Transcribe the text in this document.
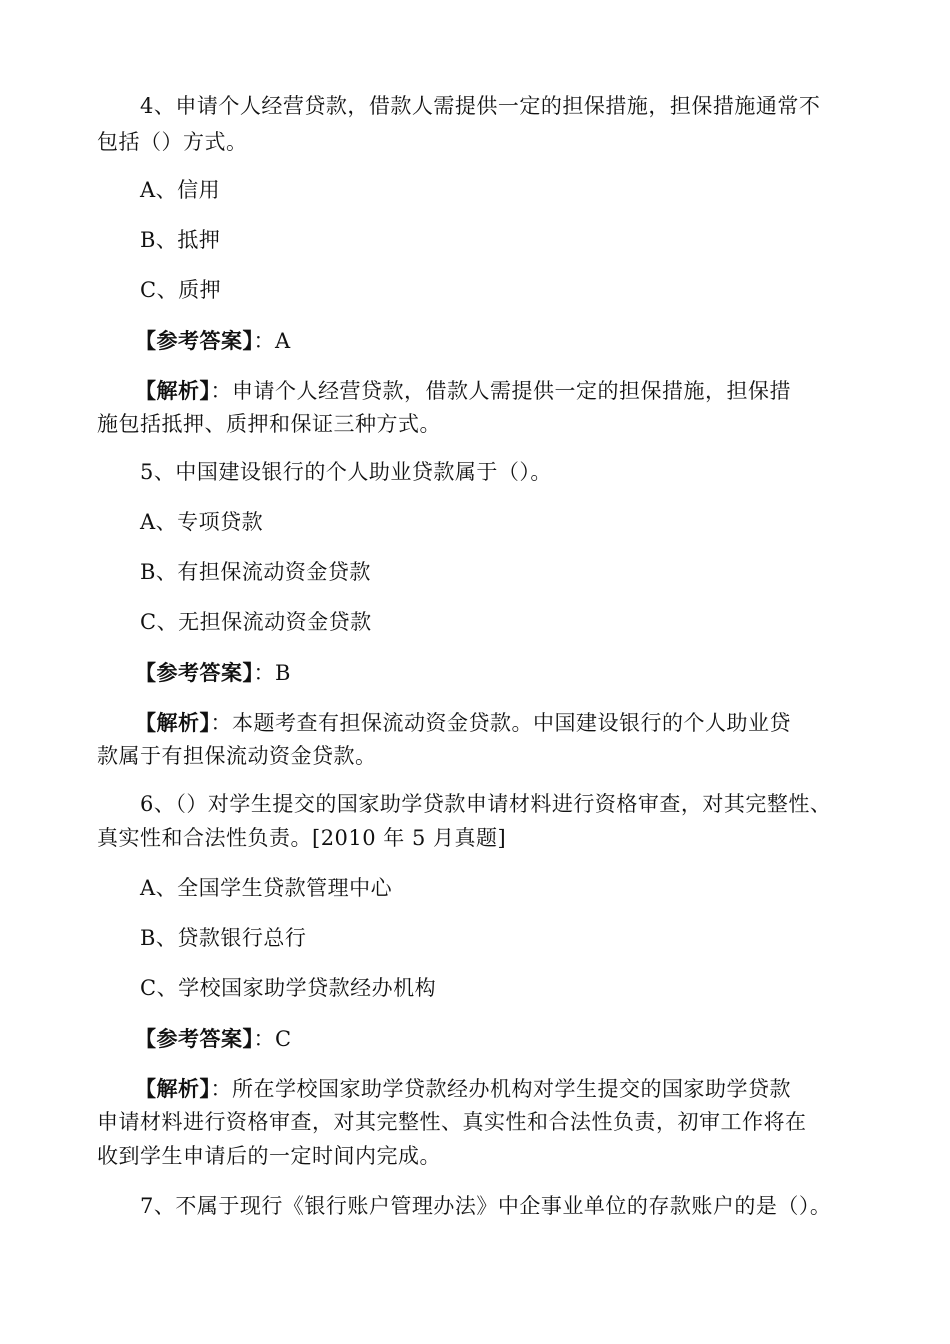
4、申请个人经营贷款，借款人需提供一定的担保措施，担保措施通常不
包括（）方式。
A、信用
B、抵押
C、质押
【参考答案】：A
【解析】：申请个人经营贷款，借款人需提供一定的担保措施，担保措
施包括抵押、质押和保证三种方式。
5、中国建设银行的个人助业贷款属于（）。
A、专项贷款
B、有担保流动资金贷款
C、无担保流动资金贷款
【参考答案】：B
【解析】：本题考查有担保流动资金贷款。中国建设银行的个人助业贷
款属于有担保流动资金贷款。
6、（）对学生提交的国家助学贷款申请材料进行资格审查，对其完整性、
真实性和合法性负责。[2010 年 5 月真题]
A、全国学生贷款管理中心
B、贷款银行总行
C、学校国家助学贷款经办机构
【参考答案】：C
【解析】：所在学校国家助学贷款经办机构对学生提交的国家助学贷款
申请材料进行资格审查，对其完整性、真实性和合法性负责，初审工作将在
收到学生申请后的一定时间内完成。
7、不属于现行《银行账户管理办法》中企事业单位的存款账户的是（）。
